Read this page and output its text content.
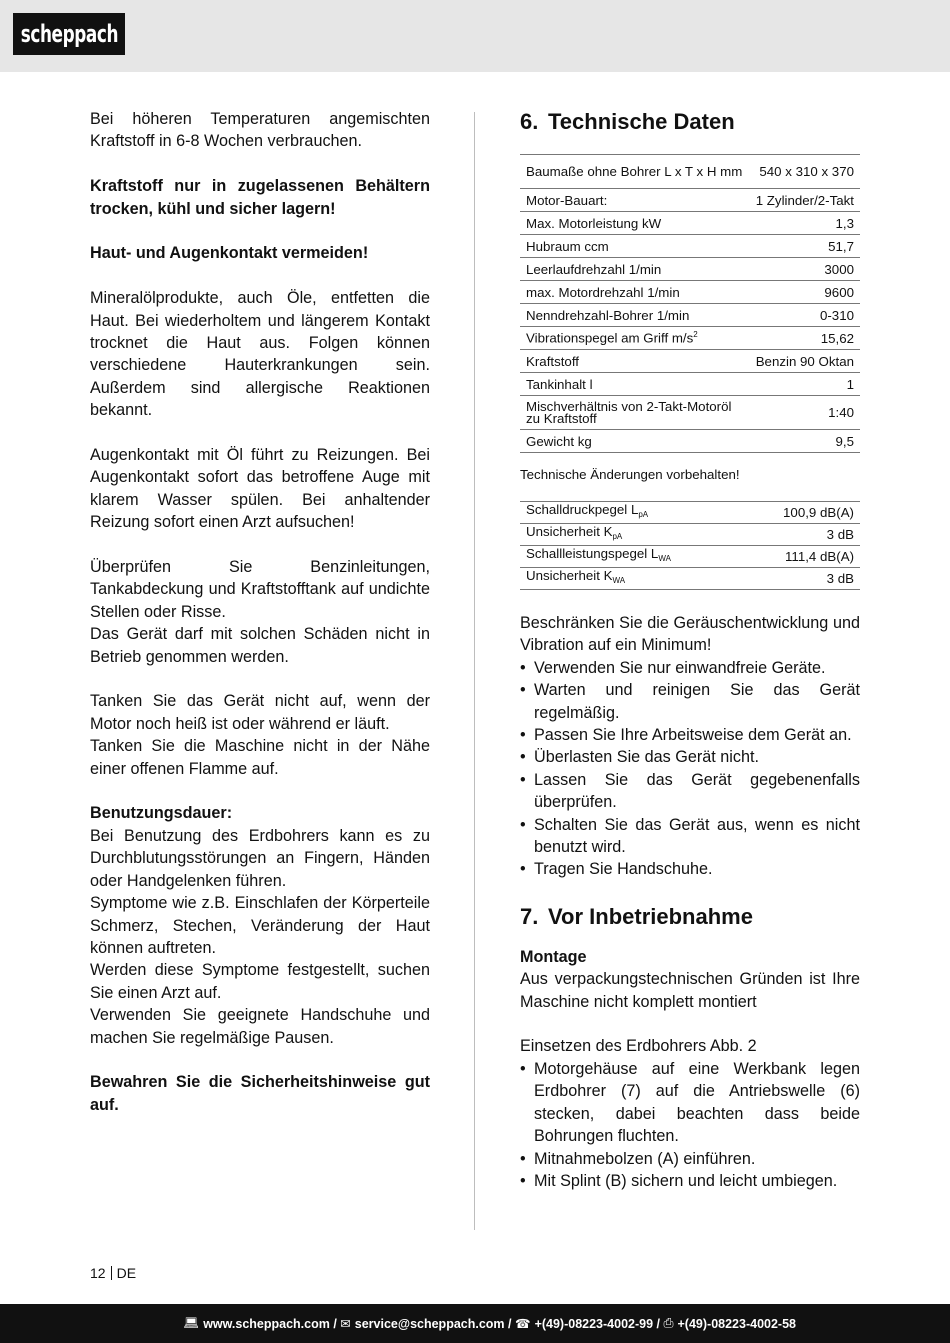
scheppach

Bei höheren Temperaturen angemischten Kraftstoff in 6-8 Wochen verbrauchen.

Kraftstoff nur in zugelassenen Behältern trocken, kühl und sicher lagern!

Haut- und Augenkontakt vermeiden!

Mineralölprodukte, auch Öle, entfetten die Haut. Bei wiederholtem und längerem Kontakt trocknet die Haut aus. Folgen können verschiedene Hauterkrankungen sein. Außerdem sind allergische Reaktionen bekannt.

Augenkontakt mit Öl führt zu Reizungen. Bei Augenkontakt sofort das betroffene Auge mit klarem Wasser spülen. Bei anhaltender Reizung sofort einen Arzt aufsuchen!

Überprüfen Sie Benzinleitungen, Tankabdeckung und Kraftstofftank auf undichte Stellen oder Risse.

Das Gerät darf mit solchen Schäden nicht in Betrieb genommen werden.

Tanken Sie das Gerät nicht auf, wenn der Motor noch heiß ist oder während er läuft.

Tanken Sie die Maschine nicht in der Nähe einer offenen Flamme auf.

Benutzungsdauer:

Bei Benutzung des Erdbohrers kann es zu Durchblutungsstörungen an Fingern, Händen oder Handgelenken führen.

Symptome wie z.B. Einschlafen der Körperteile Schmerz, Stechen, Veränderung der Haut können auftreten.

Werden diese Symptome festgestellt, suchen Sie einen Arzt auf.

Verwenden Sie geeignete Handschuhe und machen Sie regelmäßige Pausen.

Bewahren Sie die Sicherheitshinweise gut auf.

6. Technische Daten
Baumaße ohne Bohrer L x T x H mm	540 x 310 x 370
Motor-Bauart:	1 Zylinder/2-Takt
Max. Motorleistung kW	1,3
Hubraum ccm	51,7
Leerlaufdrehzahl 1/min	3000
max. Motordrehzahl 1/min	9600
Nenndrehzahl-Bohrer 1/min	0-310
Vibrationspegel am Griff $m/s^2$	15,62
Kraftstoff	Benzin 90 Oktan
Tankinhalt l	1
Mischverhältnis von 2-Takt-Motoröl zu Kraftstoff	1:40
Gewicht kg	9,5
Technische Änderungen vorbehalten!
Schalldruckpegel $L_{pA}$	100,9 dB(A)
Unsicherheit $K_{pA}$	3 dB
Schallleistungspegel $L_{WA}$	111,4 dB(A)
Unsicherheit $K_{WA}$	3 dB

Beschränken Sie die Geräuschentwicklung und Vibration auf ein Minimum!

• Verwenden Sie nur einwandfreie Geräte.
• Warten und reinigen Sie das Gerät regelmäßig.
• Passen Sie Ihre Arbeitsweise dem Gerät an.
• Überlasten Sie das Gerät nicht.
• Lassen Sie das Gerät gegebenenfalls überprüfen.
• Schalten Sie das Gerät aus, wenn es nicht benutzt wird.
• Tragen Sie Handschuhe.
7. Vor Inbetriebnahme

Montage

Aus verpackungstechnischen Gründen ist Ihre Maschine nicht komplett montiert

Einsetzen des Erdbohrers Abb. 2

• Motorgehäuse auf eine Werkbank legen Erdbohrer (7) auf die Antriebswelle (6) stecken, dabei beachten dass beide Bohrungen fluchten.
• Mitnahmebolzen (A) einführen.
• Mit Splint (B) sichern und leicht umbiegen.
12 DE
💻︎ www.scheppach.com /
✉ service@scheppach.com /
☎ +(49)-08223-4002-99 /
⎙ +(49)-08223-4002-58
